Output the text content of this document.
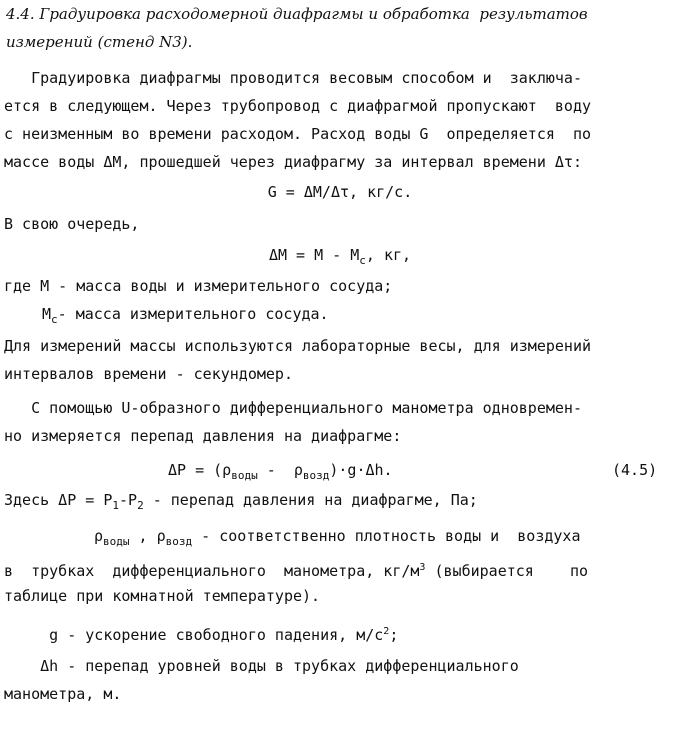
4.4. Градуировка расходомерной диафрагмы и обработка  результатов
измерений (стенд N3).
Градуировка диафрагмы проводится весовым способом и  заключа-
ется в следующем. Через трубопровод с диафрагмой пропускают  воду
с неизменным во времени расходом. Расход воды G  определяется  по
массе воды ΔM, прошедшей через диафрагму за интервал времени Δτ:
G = ΔM/Δτ, кг/с.
В свою очередь,
$\Delta M = M - M_c$, кг,
где M - масса воды и измерительного сосуда;
$M_c-$ масса измерительного сосуда.
Для измерений массы используются лабораторные весы, для измерений
интервалов времени - секундомер.
С помощью U-образного дифференциального манометра одновремен-
но измеряется перепад давления на диафрагме:
$\Delta P = (\rho_{воды} - \rho_{возд})\cdot g\cdot\Delta h$.	(4.5)
Здесь $\Delta P = P_1-P_2$ - перепад давления на диафрагме, Па;
$\rho_{воды}$ , $\rho_{возд}$ - соответственно плотность воды и  воздуха
в  трубках  дифференциального  манометра, $кг/м^3$ (выбирается    по
таблице при комнатной температуре).
g - ускорение свободного падения, $м/с^2$;
Δh - перепад уровней воды в трубках дифференциального
манометра, м.
